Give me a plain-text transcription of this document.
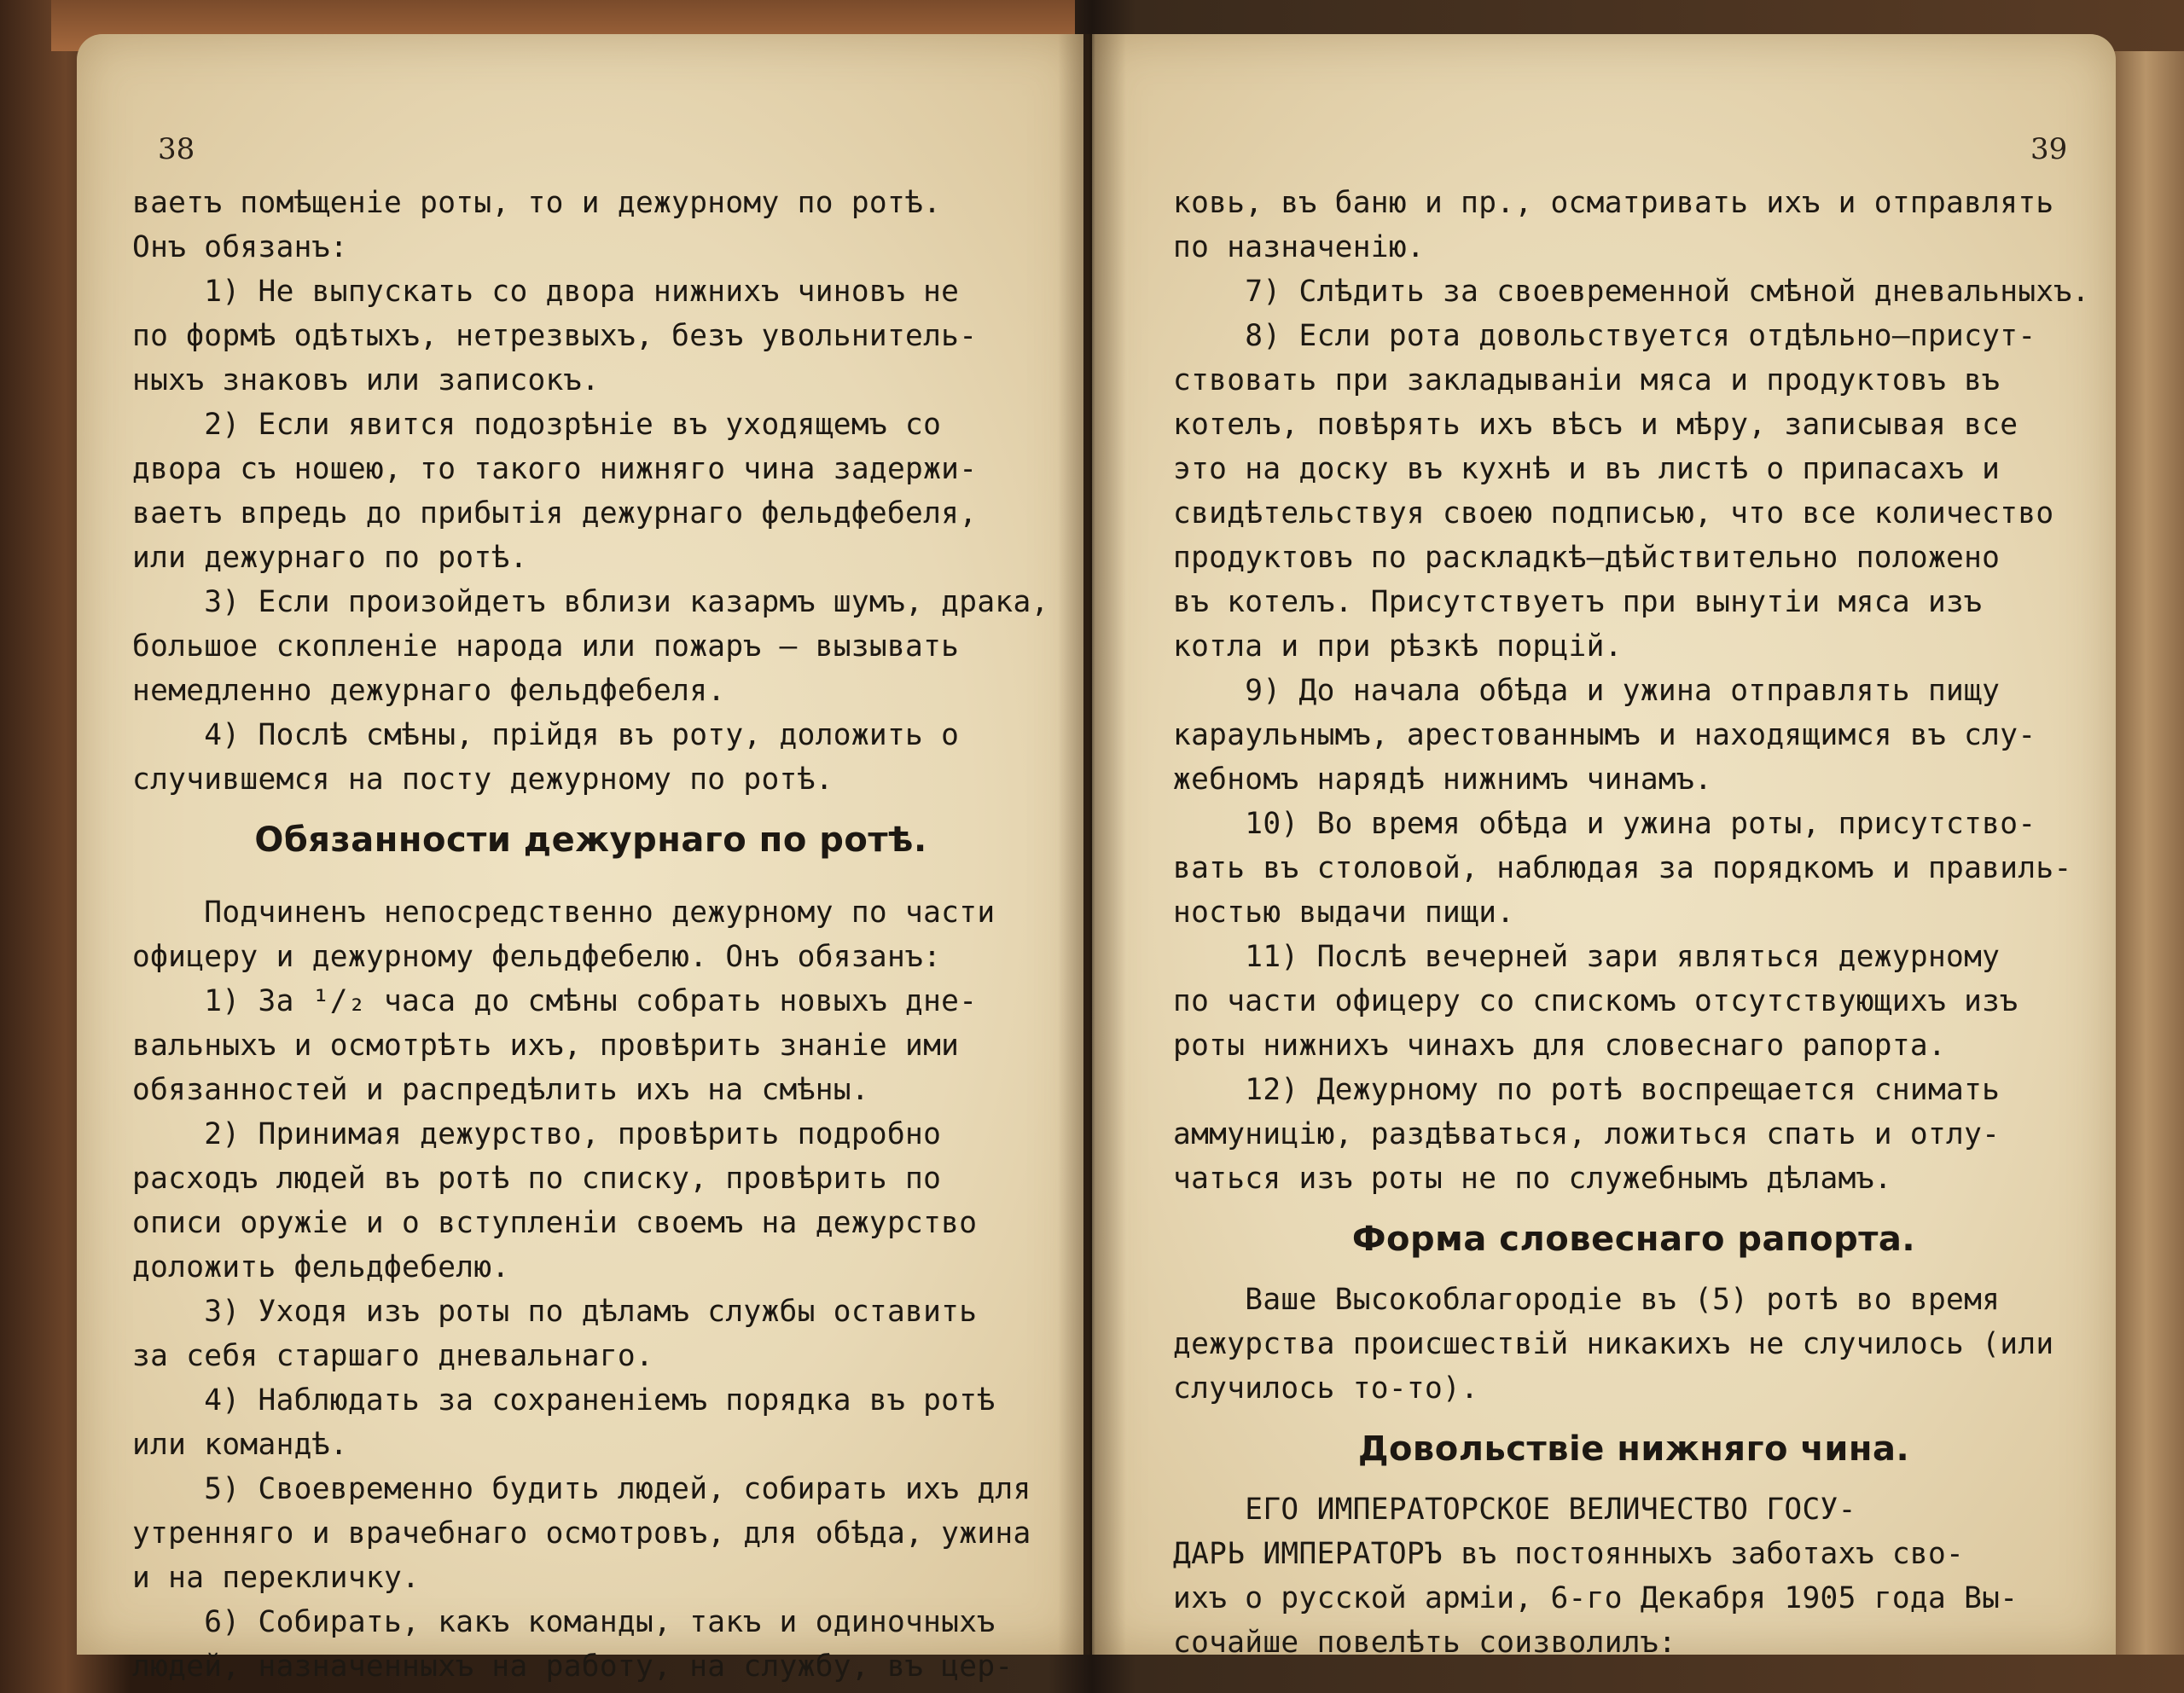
38	39
ваетъ помѣщеніе роты, то и дежурному по ротѣ.
Онъ обязанъ:
1) Не выпускать со двора нижнихъ чиновъ не
по формѣ одѣтыхъ, нетрезвыхъ, безъ увольнитель-
ныхъ знаковъ или записокъ.
2) Если явится подозрѣніе въ уходящемъ со
двора съ ношею, то такого нижняго чина задержи-
ваетъ впредь до прибытія дежурнаго фельдфебеля,
или дежурнаго по ротѣ.
3) Если произойдетъ вблизи казармъ шумъ, драка,
большое скопленіе народа или пожаръ — вызывать
немедленно дежурнаго фельдфебеля.
4) Послѣ смѣны, прійдя въ роту, доложить о
случившемся на посту дежурному по ротѣ.
Обязанности дежурнаго по ротѣ.
Подчиненъ непосредственно дежурному по части
офицеру и дежурному фельдфебелю. Онъ обязанъ:
1) За ¹/₂ часа до смѣны собрать новыхъ дне-
вальныхъ и осмотрѣть ихъ, провѣрить знаніе ими
обязанностей и распредѣлить ихъ на смѣны.
2) Принимая дежурство, провѣрить подробно
расходъ людей въ ротѣ по списку, провѣрить по
описи оружіе и о вступленіи своемъ на дежурство
доложить фельдфебелю.
3) Уходя изъ роты по дѣламъ службы оставить
за себя старшаго дневальнаго.
4) Наблюдать за сохраненіемъ порядка въ ротѣ
или командѣ.
5) Своевременно будить людей, собирать ихъ для
утренняго и врачебнаго осмотровъ, для обѣда, ужина
и на перекличку.
6) Собирать, какъ команды, такъ и одиночныхъ
людей, назначенныхъ на работу, на службу, въ цер-
ковь, въ баню и пр., осматривать ихъ и отправлять
по назначенію.
7) Слѣдить за своевременной смѣной дневальныхъ.
8) Если рота довольствуется отдѣльно—присут-
ствовать при закладываніи мяса и продуктовъ въ
котелъ, повѣрять ихъ вѣсъ и мѣру, записывая все
это на доску въ кухнѣ и въ листѣ о припасахъ и
свидѣтельствуя своею подписью, что все количество
продуктовъ по раскладкѣ—дѣйствительно положено
въ котелъ. Присутствуетъ при вынутіи мяса изъ
котла и при рѣзкѣ порцій.
9) До начала обѣда и ужина отправлять пищу
караульнымъ, арестованнымъ и находящимся въ слу-
жебномъ нарядѣ нижнимъ чинамъ.
10) Во время обѣда и ужина роты, присутство-
вать въ столовой, наблюдая за порядкомъ и правиль-
ностью выдачи пищи.
11) Послѣ вечерней зари являться дежурному
по части офицеру со спискомъ отсутствующихъ изъ
роты нижнихъ чинахъ для словеснаго рапорта.
12) Дежурному по ротѣ воспрещается снимать
аммуницію, раздѣваться, ложиться спать и отлу-
чаться изъ роты не по служебнымъ дѣламъ.
Форма словеснаго рапорта.
Ваше Высокоблагородіе въ (5) ротѣ во время
дежурства происшествій никакихъ не случилось (или
случилось то-то).
Довольствіе нижняго чина.
ЕГО ИМПЕРАТОРСКОЕ ВЕЛИЧЕСТВО ГОСУ-
ДАРЬ ИМПЕРАТОРЪ въ постоянныхъ заботахъ сво-
ихъ о русской арміи, 6-го Декабря 1905 года Вы-
сочайше повелѣть соизволилъ:
